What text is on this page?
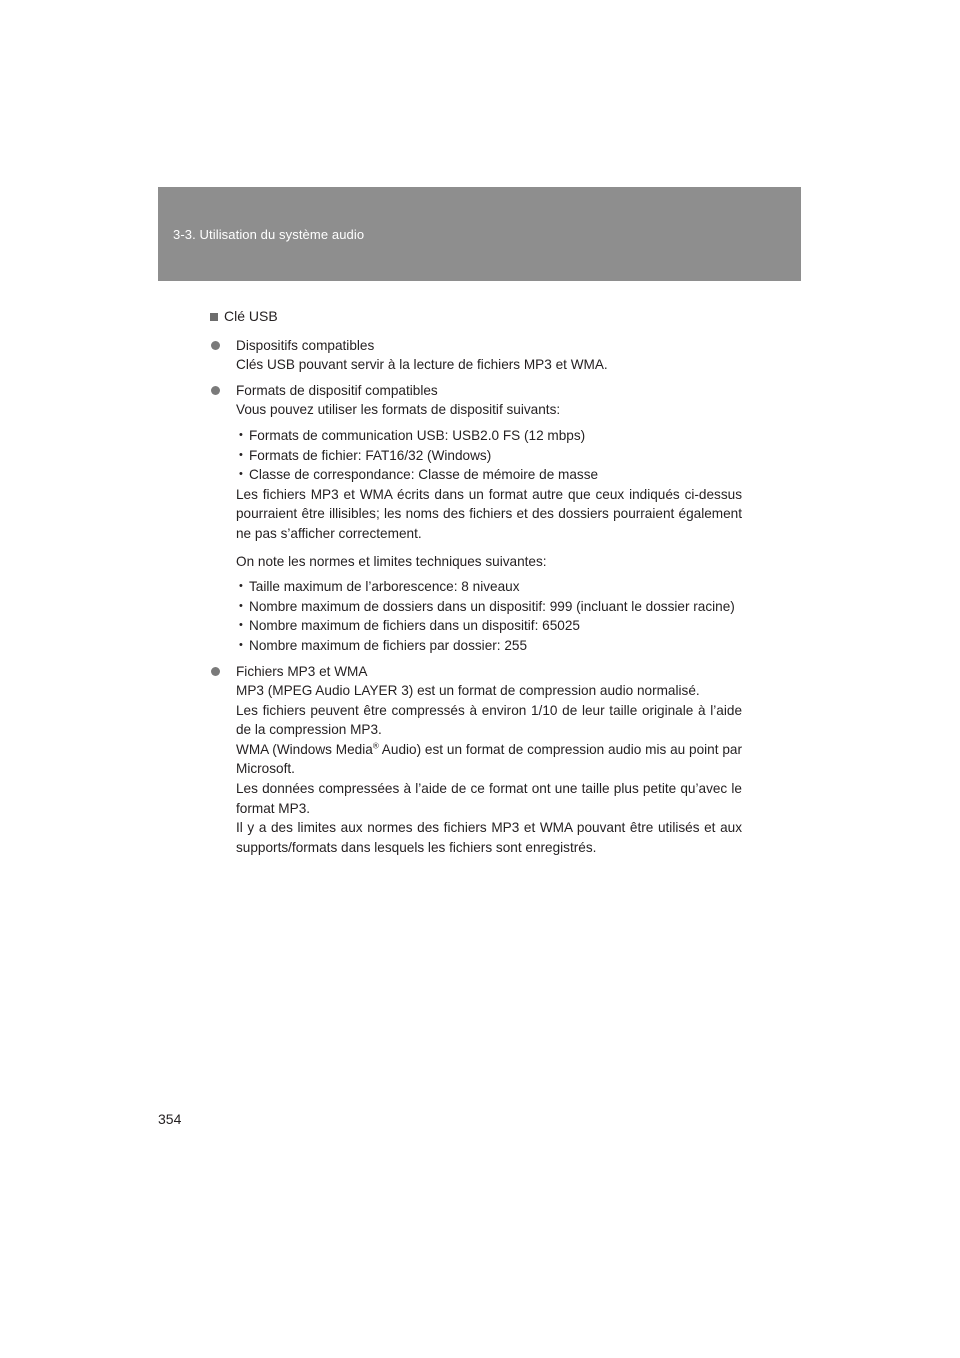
3-3. Utilisation du système audio
Clé USB
Dispositifs compatibles

Clés USB pouvant servir à la lecture de fichiers MP3 et WMA.

Formats de dispositif compatibles

Vous pouvez utiliser les formats de dispositif suivants:

• Formats de communication USB: USB2.0 FS (12 mbps)
• Formats de fichier: FAT16/32 (Windows)
• Classe de correspondance: Classe de mémoire de masse

Les fichiers MP3 et WMA écrits dans un format autre que ceux indiqués ci-dessus pourraient être illisibles; les noms des fichiers et des dossiers pourraient également ne pas s’afficher correctement.

On note les normes et limites techniques suivantes:

• Taille maximum de l’arborescence: 8 niveaux
• Nombre maximum de dossiers dans un dispositif: 999 (incluant le dossier racine)
• Nombre maximum de fichiers dans un dispositif: 65025
• Nombre maximum de fichiers par dossier: 255
Fichiers MP3 et WMA

MP3 (MPEG Audio LAYER 3) est un format de compression audio normalisé.

Les fichiers peuvent être compressés à environ 1/10 de leur taille originale à l’aide de la compression MP3.

WMA (Windows Media® Audio) est un format de compression audio mis au point par Microsoft.

Les données compressées à l’aide de ce format ont une taille plus petite qu’avec le format MP3.

Il y a des limites aux normes des fichiers MP3 et WMA pouvant être utilisés et aux supports/formats dans lesquels les fichiers sont enregistrés.

354
